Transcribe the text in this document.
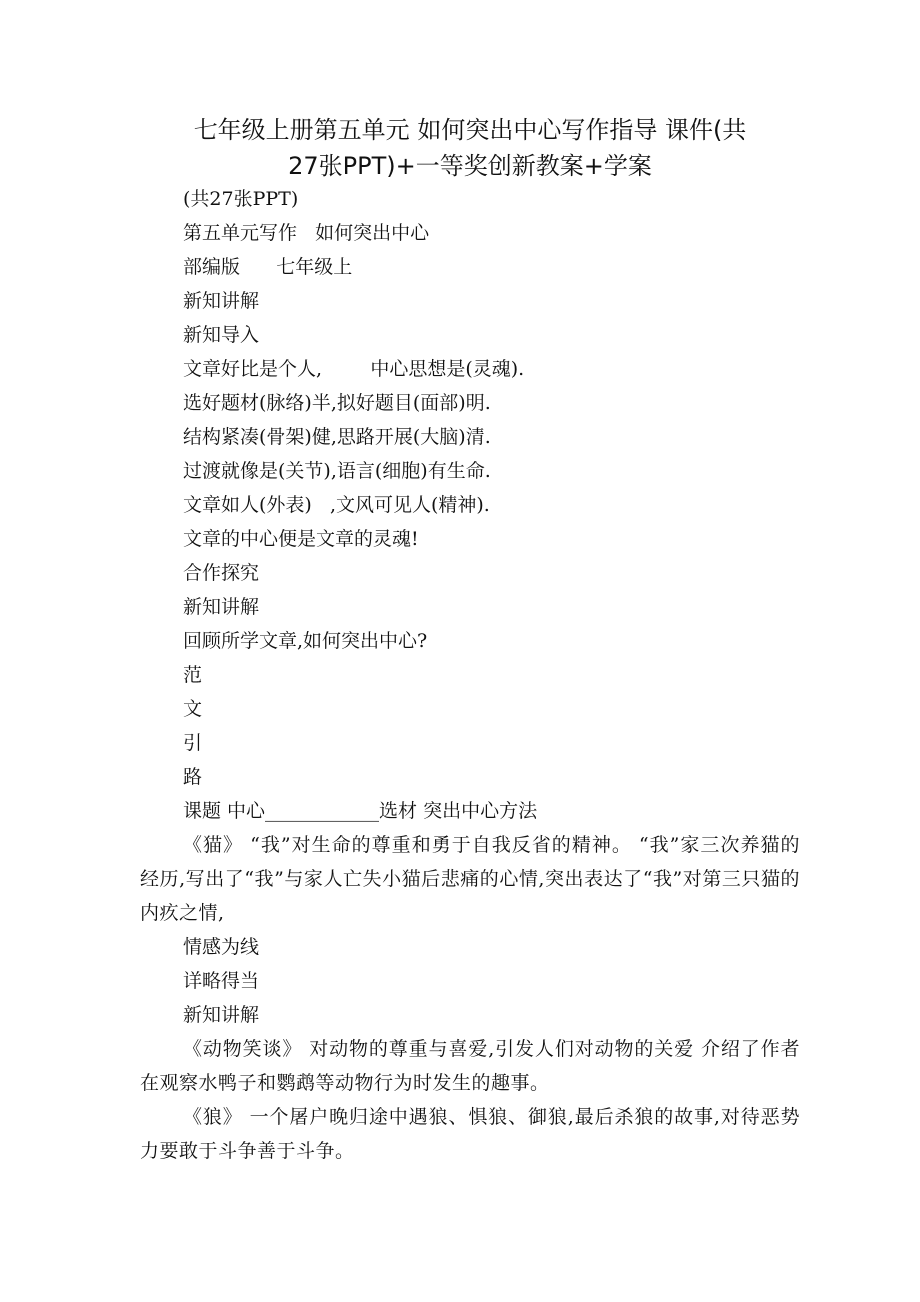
七年级上册第五单元 如何突出中心写作指导 课件(共
27张PPT)+一等奖创新教案+学案
(共27张PPT)
第五单元写作   如何突出中心
部编版      七年级上
新知讲解
新知导入
文章好比是个人,        中心思想是(灵魂).
选好题材(脉络)半,拟好题目(面部)明.
结构紧凑(骨架)健,思路开展(大脑)清.
过渡就像是(关节),语言(细胞)有生命.
文章如人(外表)   ,文风可见人(精神).
文章的中心便是文章的灵魂!
合作探究
新知讲解
回顾所学文章,如何突出中心?
范
文
引
路
课题 中心____________选材 突出中心方法
《猫》 “我”对生命的尊重和勇于自我反省的精神。 “我”家三次养猫的经历,写出了“我”与家人亡失小猫后悲痛的心情,突出表达了“我”对第三只猫的内疚之情,
情感为线
详略得当
新知讲解
《动物笑谈》 对动物的尊重与喜爱,引发人们对动物的关爱 介绍了作者在观察水鸭子和鹦鹉等动物行为时发生的趣事。
《狼》 一个屠户晚归途中遇狼、惧狼、御狼,最后杀狼的故事,对待恶势力要敢于斗争善于斗争。
